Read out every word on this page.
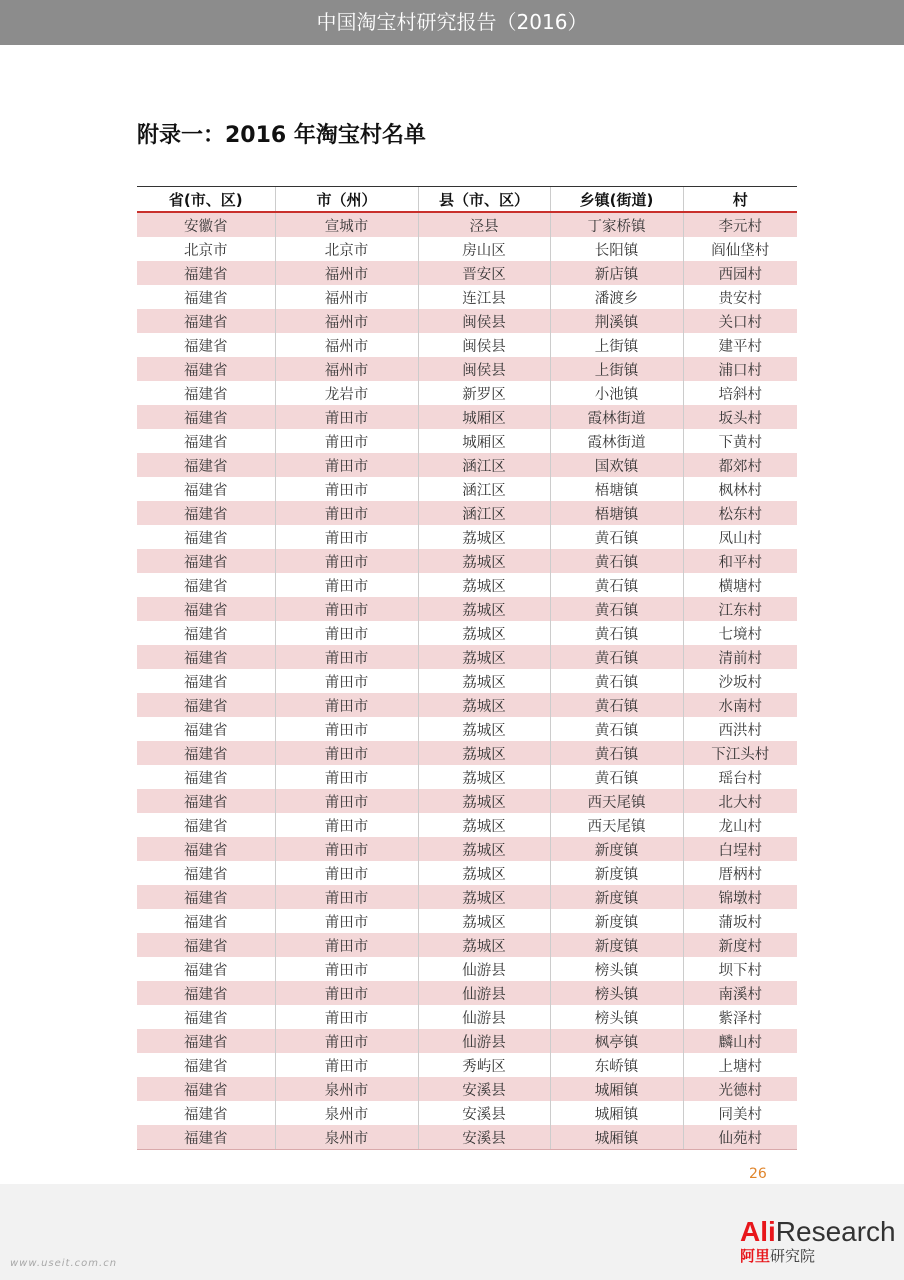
中国淘宝村研究报告（2016）
附录一：2016 年淘宝村名单
省(市、区)	市（州）	县（市、区）	乡镇(街道)	村
安徽省	宣城市	泾县	丁家桥镇	李元村
北京市	北京市	房山区	长阳镇	阎仙垡村
福建省	福州市	晋安区	新店镇	西园村
福建省	福州市	连江县	潘渡乡	贵安村
福建省	福州市	闽侯县	荆溪镇	关口村
福建省	福州市	闽侯县	上街镇	建平村
福建省	福州市	闽侯县	上街镇	浦口村
福建省	龙岩市	新罗区	小池镇	培斜村
福建省	莆田市	城厢区	霞林街道	坂头村
福建省	莆田市	城厢区	霞林街道	下黄村
福建省	莆田市	涵江区	国欢镇	都郊村
福建省	莆田市	涵江区	梧塘镇	枫林村
福建省	莆田市	涵江区	梧塘镇	松东村
福建省	莆田市	荔城区	黄石镇	凤山村
福建省	莆田市	荔城区	黄石镇	和平村
福建省	莆田市	荔城区	黄石镇	横塘村
福建省	莆田市	荔城区	黄石镇	江东村
福建省	莆田市	荔城区	黄石镇	七境村
福建省	莆田市	荔城区	黄石镇	清前村
福建省	莆田市	荔城区	黄石镇	沙坂村
福建省	莆田市	荔城区	黄石镇	水南村
福建省	莆田市	荔城区	黄石镇	西洪村
福建省	莆田市	荔城区	黄石镇	下江头村
福建省	莆田市	荔城区	黄石镇	瑶台村
福建省	莆田市	荔城区	西天尾镇	北大村
福建省	莆田市	荔城区	西天尾镇	龙山村
福建省	莆田市	荔城区	新度镇	白埕村
福建省	莆田市	荔城区	新度镇	厝柄村
福建省	莆田市	荔城区	新度镇	锦墩村
福建省	莆田市	荔城区	新度镇	蒲坂村
福建省	莆田市	荔城区	新度镇	新度村
福建省	莆田市	仙游县	榜头镇	坝下村
福建省	莆田市	仙游县	榜头镇	南溪村
福建省	莆田市	仙游县	榜头镇	紫泽村
福建省	莆田市	仙游县	枫亭镇	麟山村
福建省	莆田市	秀屿区	东峤镇	上塘村
福建省	泉州市	安溪县	城厢镇	光德村
福建省	泉州市	安溪县	城厢镇	同美村
福建省	泉州市	安溪县	城厢镇	仙苑村
26
www.useit.com.cn
AliResearch
阿里研究院
